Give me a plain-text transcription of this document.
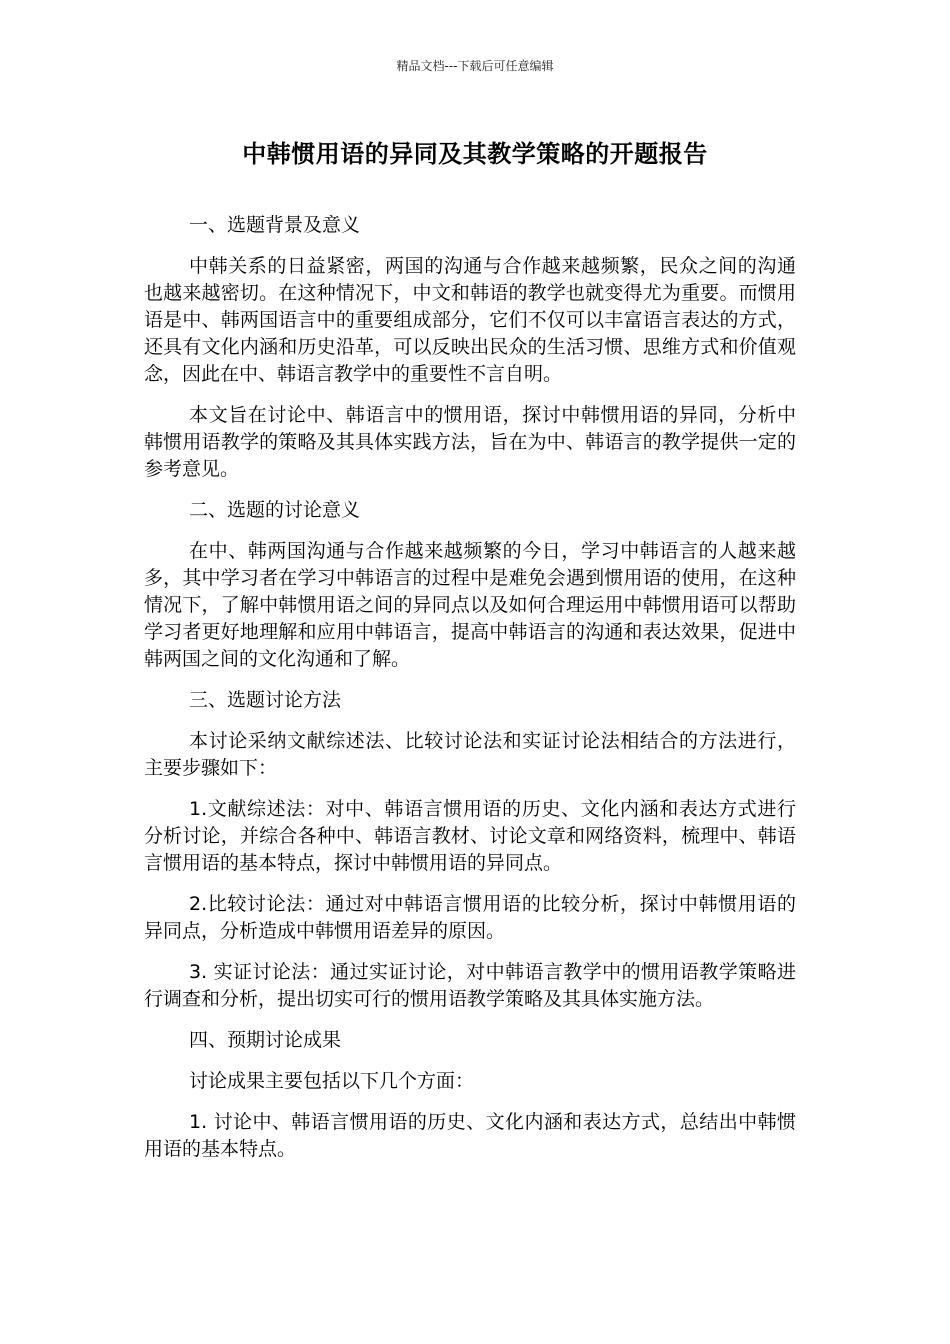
精品文档---下载后可任意编辑
中韩惯用语的异同及其教学策略的开题报告

一、选题背景及意义

中韩关系的日益紧密，两国的沟通与合作越来越频繁，民众之间的沟通也越来越密切。在这种情况下，中文和韩语的教学也就变得尤为重要。而惯用语是中、韩两国语言中的重要组成部分，它们不仅可以丰富语言表达的方式，还具有文化内涵和历史沿革，可以反映出民众的生活习惯、思维方式和价值观念，因此在中、韩语言教学中的重要性不言自明。

本文旨在讨论中、韩语言中的惯用语，探讨中韩惯用语的异同，分析中韩惯用语教学的策略及其具体实践方法，旨在为中、韩语言的教学提供一定的参考意见。

二、选题的讨论意义

在中、韩两国沟通与合作越来越频繁的今日，学习中韩语言的人越来越多，其中学习者在学习中韩语言的过程中是难免会遇到惯用语的使用，在这种情况下，了解中韩惯用语之间的异同点以及如何合理运用中韩惯用语可以帮助学习者更好地理解和应用中韩语言，提高中韩语言的沟通和表达效果，促进中韩两国之间的文化沟通和了解。

三、选题讨论方法

本讨论采纳文献综述法、比较讨论法和实证讨论法相结合的方法进行，主要步骤如下：

1.文献综述法：对中、韩语言惯用语的历史、文化内涵和表达方式进行分析讨论，并综合各种中、韩语言教材、讨论文章和网络资料，梳理中、韩语言惯用语的基本特点，探讨中韩惯用语的异同点。

2.比较讨论法：通过对中韩语言惯用语的比较分析，探讨中韩惯用语的异同点，分析造成中韩惯用语差异的原因。

3. 实证讨论法：通过实证讨论，对中韩语言教学中的惯用语教学策略进行调查和分析，提出切实可行的惯用语教学策略及其具体实施方法。

四、预期讨论成果

讨论成果主要包括以下几个方面：

1. 讨论中、韩语言惯用语的历史、文化内涵和表达方式，总结出中韩惯用语的基本特点。
